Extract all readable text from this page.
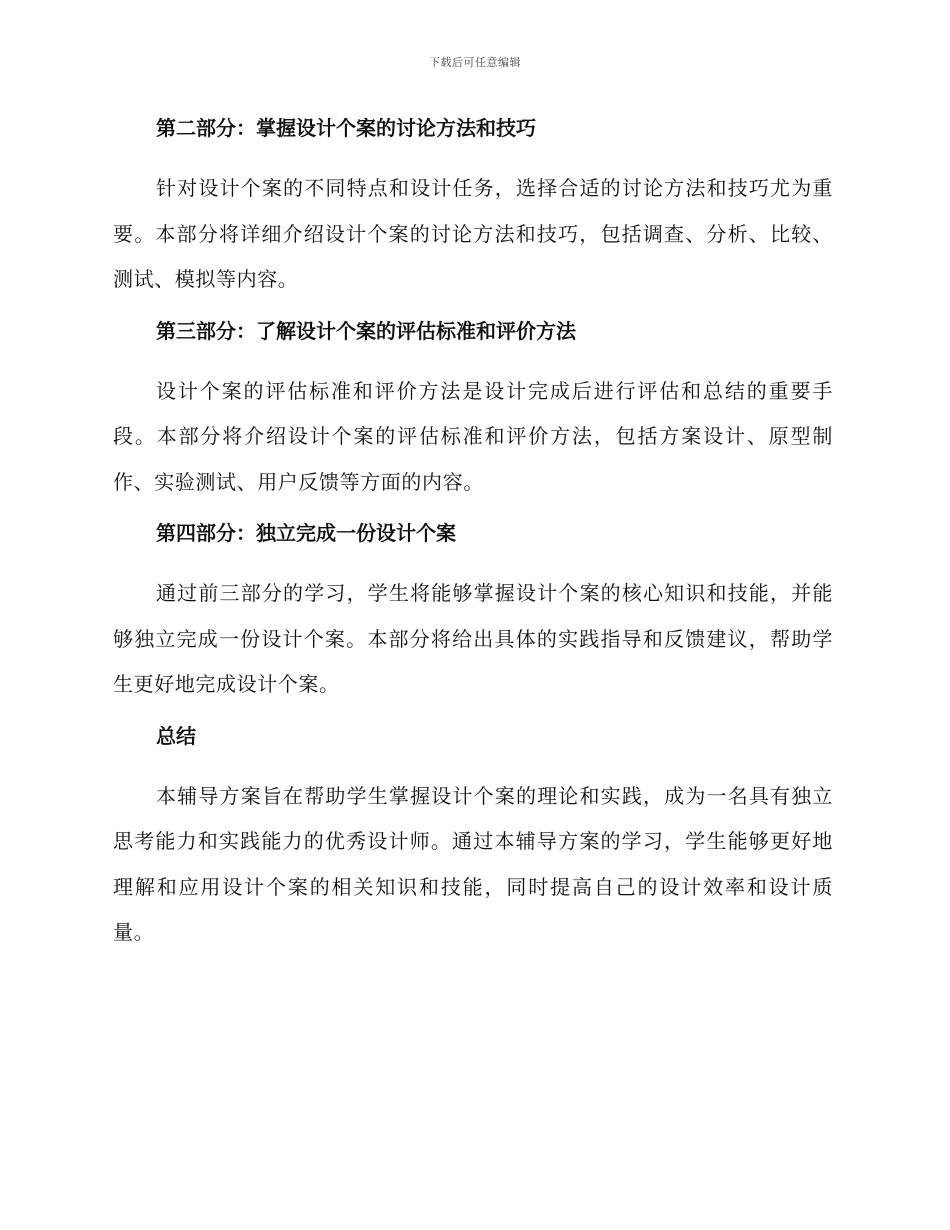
下载后可任意编辑
第二部分：掌握设计个案的讨论方法和技巧

针对设计个案的不同特点和设计任务，选择合适的讨论方法和技巧尤为重要。本部分将详细介绍设计个案的讨论方法和技巧，包括调查、分析、比较、测试、模拟等内容。

第三部分：了解设计个案的评估标准和评价方法

设计个案的评估标准和评价方法是设计完成后进行评估和总结的重要手段。本部分将介绍设计个案的评估标准和评价方法，包括方案设计、原型制作、实验测试、用户反馈等方面的内容。

第四部分：独立完成一份设计个案

通过前三部分的学习，学生将能够掌握设计个案的核心知识和技能，并能够独立完成一份设计个案。本部分将给出具体的实践指导和反馈建议，帮助学生更好地完成设计个案。

总结

本辅导方案旨在帮助学生掌握设计个案的理论和实践，成为一名具有独立思考能力和实践能力的优秀设计师。通过本辅导方案的学习，学生能够更好地理解和应用设计个案的相关知识和技能，同时提高自己的设计效率和设计质量。
